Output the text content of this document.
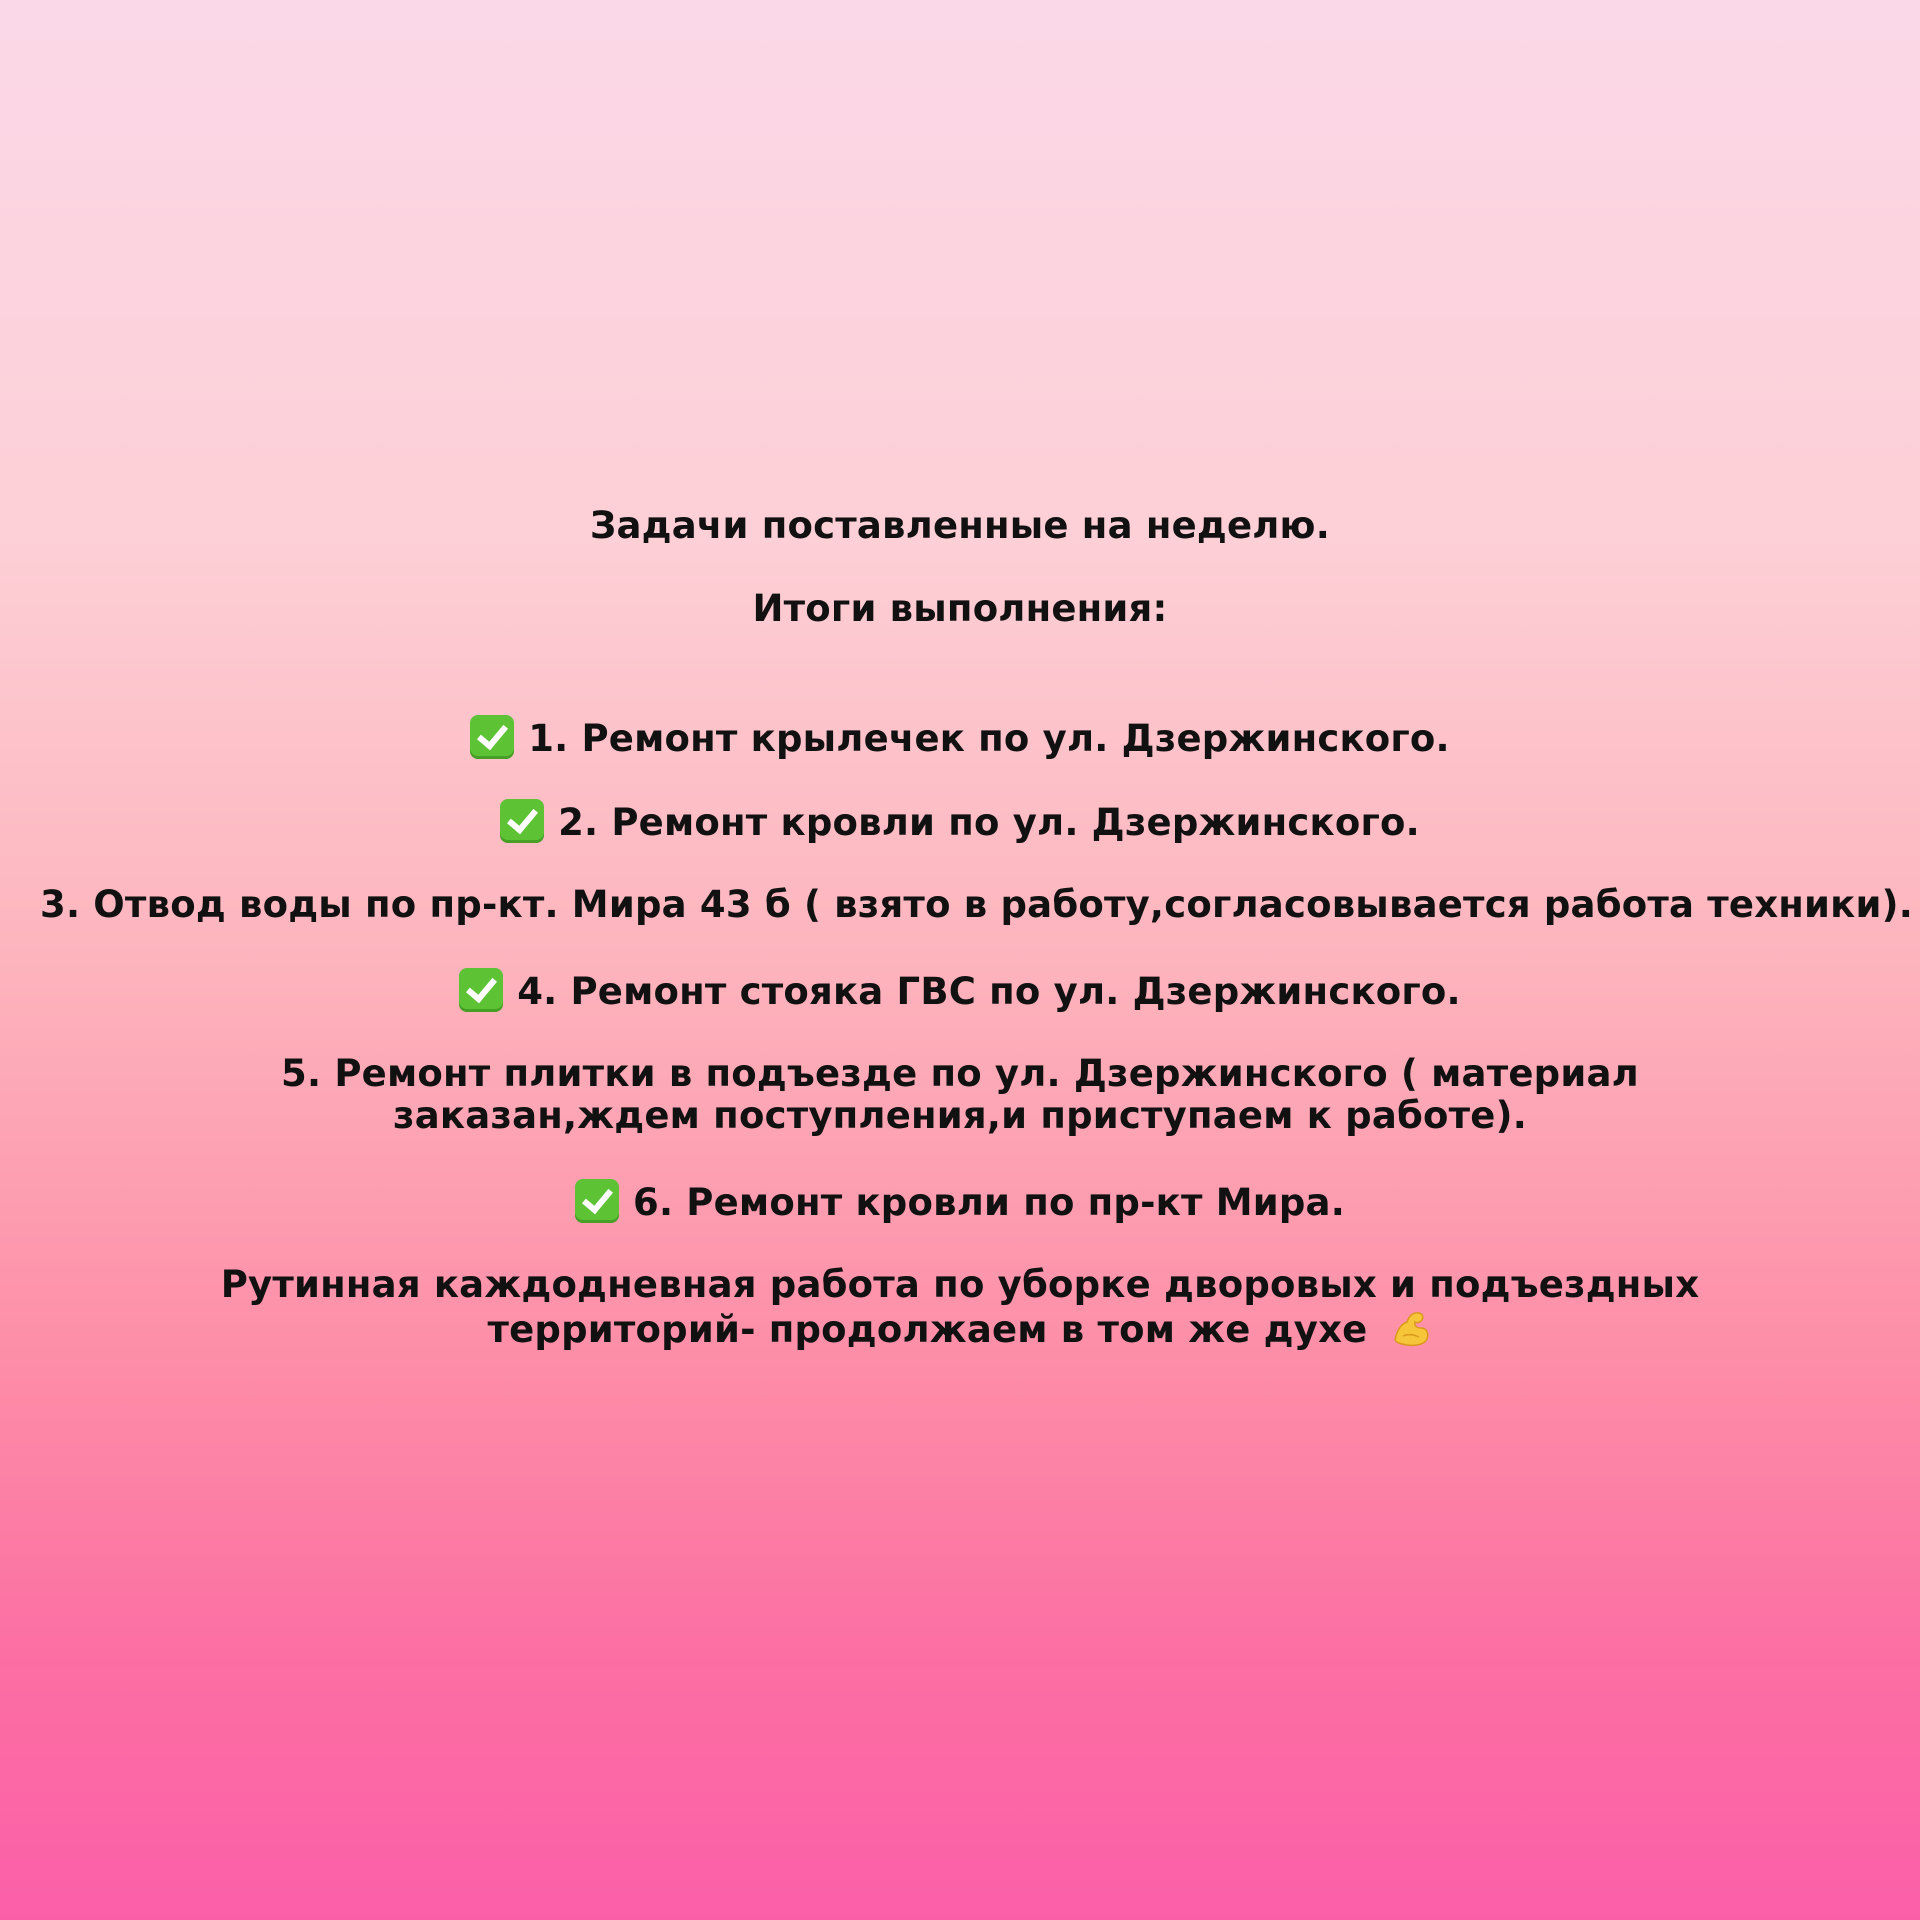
Задачи поставленные на неделю.
Итоги выполнения:
1. Ремонт крылечек по ул. Дзержинского.
2. Ремонт кровли по ул. Дзержинского.
3. Отвод воды по пр-кт. Мира 43 б ( взято в работу,согласовывается работа техники).
4. Ремонт стояка ГВС по ул. Дзержинского.
5. Ремонт плитки в подъезде по ул. Дзержинского ( материал заказан,ждем поступления,и приступаем к работе).
6. Ремонт кровли по пр-кт Мира.
Рутинная каждодневная работа по уборке дворовых и подъездных территорий- продолжаем в том же духе
